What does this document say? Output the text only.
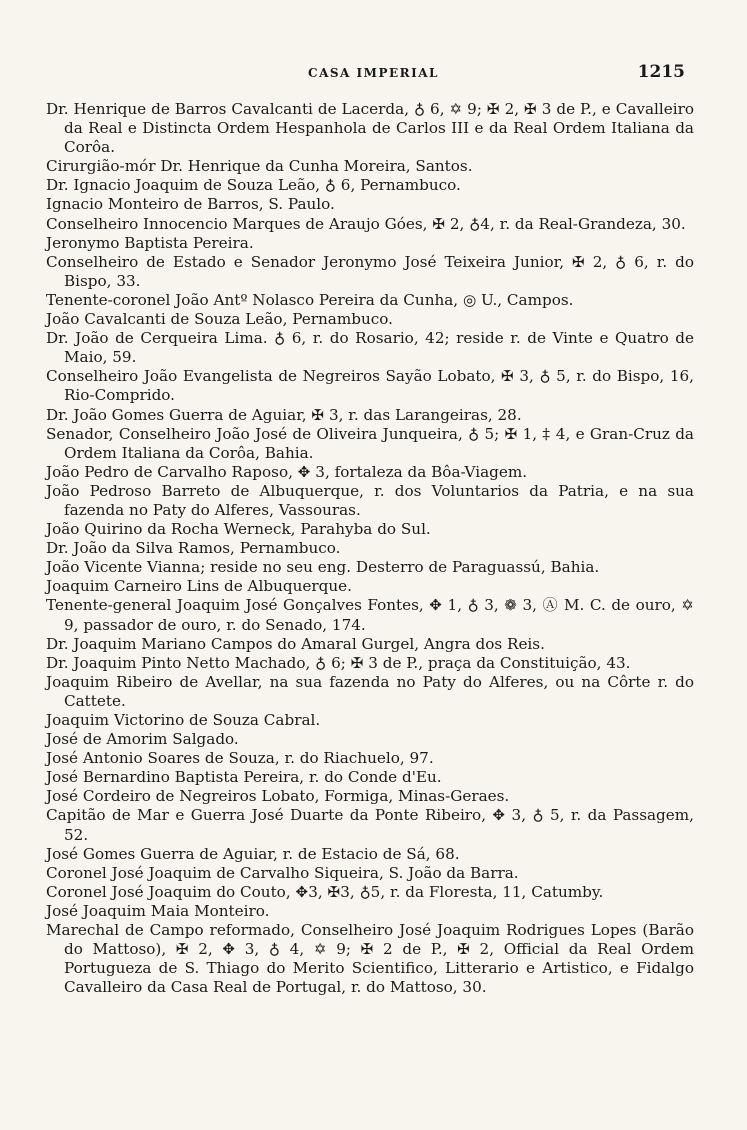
CASA IMPERIAL	1215
Dr. Henrique de Barros Cavalcanti de Lacerda, ♁ 6, ✡ 9; ✠ 2, ✠ 3 de P., e Cavalleiro da Real e Distincta Ordem Hespanhola de Carlos III e da Real Ordem Italiana da Corôa.
Cirurgião-mór Dr. Henrique da Cunha Moreira, Santos.
Dr. Ignacio Joaquim de Souza Leão, ♁ 6, Pernambuco.
Ignacio Monteiro de Barros, S. Paulo.
Conselheiro Innocencio Marques de Araujo Góes, ✠ 2, ♁4, r. da Real-Grandeza, 30.
Jeronymo Baptista Pereira.
Conselheiro de Estado e Senador Jeronymo José Teixeira Junior, ✠ 2, ♁ 6, r. do Bispo, 33.
Tenente-coronel João Antº Nolasco Pereira da Cunha, ◎ U., Campos.
João Cavalcanti de Souza Leão, Pernambuco.
Dr. João de Cerqueira Lima. ♁ 6, r. do Rosario, 42; reside r. de Vinte e Quatro de Maio, 59.
Conselheiro João Evangelista de Negreiros Sayão Lobato, ✠ 3, ♁ 5, r. do Bispo, 16, Rio-Comprido.
Dr. João Gomes Guerra de Aguiar, ✠ 3, r. das Larangeiras, 28.
Senador, Conselheiro João José de Oliveira Junqueira, ♁ 5; ✠ 1, ‡ 4, e Gran-Cruz da Ordem Italiana da Corôa, Bahia.
João Pedro de Carvalho Raposo, ✥ 3, fortaleza da Bôa-Viagem.
João Pedroso Barreto de Albuquerque, r. dos Voluntarios da Patria, e na sua fazenda no Paty do Alferes, Vassouras.
João Quirino da Rocha Werneck, Parahyba do Sul.
Dr. João da Silva Ramos, Pernambuco.
João Vicente Vianna; reside no seu eng. Desterro de Paraguassú, Bahia.
Joaquim Carneiro Lins de Albuquerque.
Tenente-general Joaquim José Gonçalves Fontes, ✥ 1, ♁ 3, ❁ 3, Ⓐ M. C. de ouro, ✡ 9, passador de ouro, r. do Senado, 174.
Dr. Joaquim Mariano Campos do Amaral Gurgel, Angra dos Reis.
Dr. Joaquim Pinto Netto Machado, ♁ 6; ✠ 3 de P., praça da Constituição, 43.
Joaquim Ribeiro de Avellar, na sua fazenda no Paty do Alferes, ou na Côrte r. do Cattete.
Joaquim Victorino de Souza Cabral.
José de Amorim Salgado.
José Antonio Soares de Souza, r. do Riachuelo, 97.
José Bernardino Baptista Pereira, r. do Conde d'Eu.
José Cordeiro de Negreiros Lobato, Formiga, Minas-Geraes.
Capitão de Mar e Guerra José Duarte da Ponte Ribeiro, ✥ 3, ♁ 5, r. da Passagem, 52.
José Gomes Guerra de Aguiar, r. de Estacio de Sá, 68.
Coronel José Joaquim de Carvalho Siqueira, S. João da Barra.
Coronel José Joaquim do Couto, ✥3, ✠3, ♁5, r. da Floresta, 11, Catumby.
José Joaquim Maia Monteiro.
Marechal de Campo reformado, Conselheiro José Joaquim Rodrigues Lopes (Barão do Mattoso), ✠ 2, ✥ 3, ♁ 4, ✡ 9; ✠ 2 de P., ✠ 2, Official da Real Ordem Portugueza de S. Thiago do Merito Scientifico, Litterario e Artistico, e Fidalgo Cavalleiro da Casa Real de Portugal, r. do Mattoso, 30.
